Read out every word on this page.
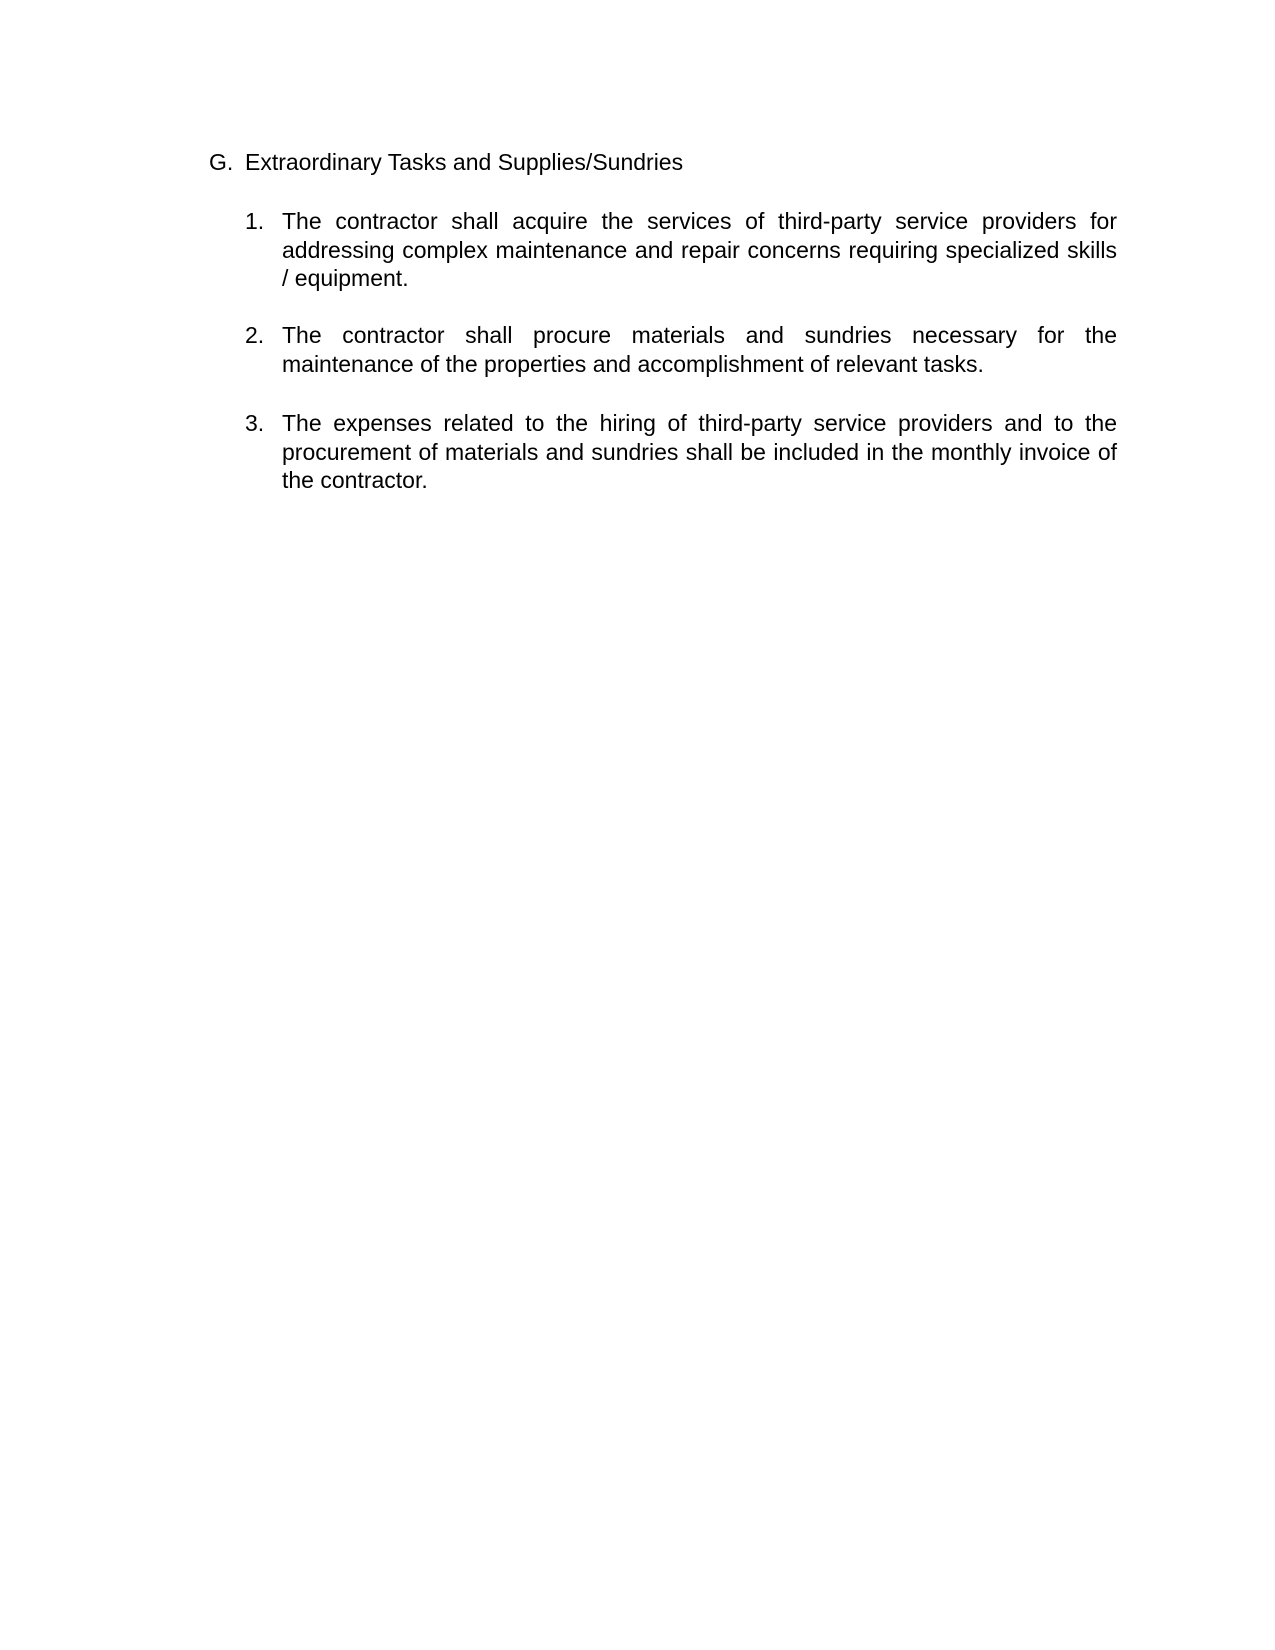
G. Extraordinary Tasks and Supplies/Sundries
1. The contractor shall acquire the services of third-party service providers for addressing complex maintenance and repair concerns requiring specialized skills / equipment.
2. The contractor shall procure materials and sundries necessary for the maintenance of the properties and accomplishment of relevant tasks.
3. The expenses related to the hiring of third-party service providers and to the procurement of materials and sundries shall be included in the monthly invoice of the contractor.
